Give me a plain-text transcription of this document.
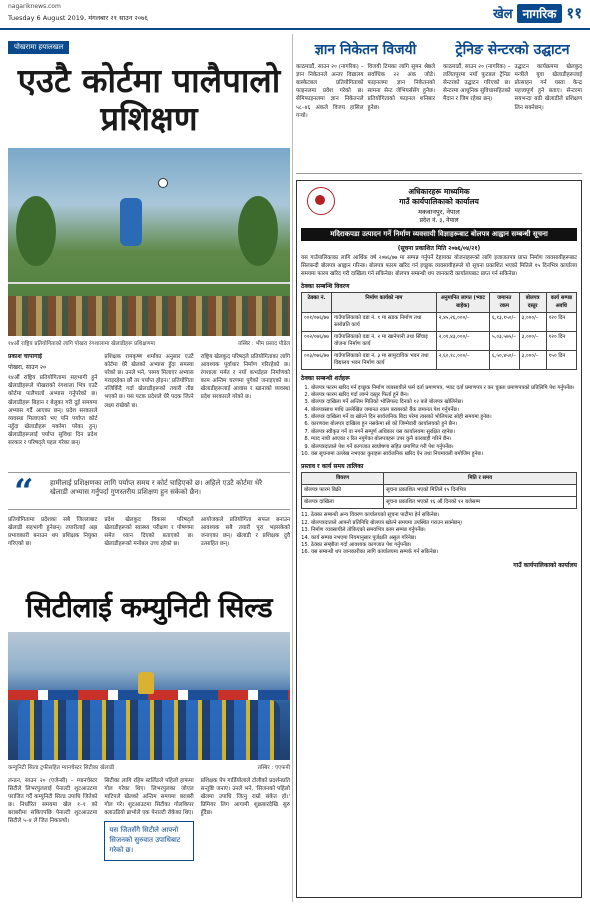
nagariknews.com
Tuesday 6 August 2019, मंगलबार २१ साउन २०७६	खेल नागरिक ११
पोखरामा हयालखल
एउटै कोर्टमा पालैपालो प्रशिक्षण
१४औं राष्ट्रिय प्रतियोगिताको लागि पोखरा रंगशालामा खेलाडीहरू प्रशिक्षणमा	तस्बिर : भीम प्रसाद पौडेल
प्रकाश चापागाई
पोखरा, साउन २०

१४औं राष्ट्रिय प्रतियोगितामा सहभागी हुने खेलाडीहरूले पोखराको रंगशाला भित्र एउटै कोर्टमा पालैपालो अभ्यास गर्नुपरेको छ। खेलाडीहरू बिहान र बेलुका गरी दुई समयमा अभ्यास गर्दै आएका छन्। प्रदेश सरकारले व्यवस्था मिलाएको भए पनि पर्याप्त कोर्ट नहुँदा खेलाडीहरू मर्कामा परेका हुन्। खेलाडीहरूलाई पर्याप्त सुविधा दिन प्रदेश सरकार र परिषद्ले पहल गरेका छन्।

प्रशिक्षक रामकृष्ण शर्माका अनुसार एउटै कोर्टमा धेरै खेलको अभ्यास हुँदा समस्या परेको छ। उनले भने, 'समय मिलाएर अभ्यास गराइरहेका छौं तर पर्याप्त होइन।' प्रतियोगिता नजिकिँदै गर्दा खेलाडीहरूको तयारी तीव्र भएको छ। यस पटक प्रदेशले धेरै पदक जित्ने लक्ष्य राखेको छ।

राष्ट्रिय खेलकुद परिषद्ले प्रतियोगिताका लागि आवश्यक पूर्वाधार निर्माण गरिरहेको छ। रंगशाला मर्मत र नयाँ कभर्डहल निर्माणको काम अन्तिम चरणमा पुगेको जनाइएको छ। खेलाडीहरूलाई आवास र खानाको व्यवस्था प्रदेश सरकारले गरेको छ।

“ हामीलाई प्रशिक्षणका लागि पर्याप्त समय र कोर्ट चाहिएको छ। अहिले एउटै कोर्टमा धेरै खेलाडी अभ्यास गर्नुपर्दा गुणस्तरीय प्रशिक्षण हुन सकेको छैन।
प्रतियोगितामा प्रदेशका सबै जिल्लाबाट खेलाडी सहभागी हुनेछन्। तयारीलाई अझ प्रभावकारी बनाउन थप प्रशिक्षक नियुक्त गरिएको छ।
प्रदेश खेलकुद विकास परिषद्ले खेलाडीहरूको स्वास्थ्य परीक्षण र पोषणमा समेत ध्यान दिएको बताएको छ। खेलाडीहरूको मनोबल उच्च रहेको छ।
आयोजकले प्रतियोगिता सफल बनाउन आवश्यक सबै तयारी पूरा भइसकेको जनाएका छन्। खेलाडी र प्रशिक्षक दुवै उत्साहित छन्।
सिटीलाई कम्युनिटी सिल्ड
कम्युनिटी सिल्ड ट्रफीसहित म्यानचेस्टर सिटीका खेलाडी	तस्बिर : एएफपी
लन्डन, साउन २० (एजेन्सी) – म्यानचेस्टर सिटीले लिभरपुललाई पेनाल्टी शुटआउटमा पराजित गर्दै कम्युनिटी सिल्ड उपाधि जितेको छ। निर्धारित समयमा खेल १–१ को बराबरीमा सकिएपछि पेनाल्टी शुटआउटमा सिटीले ५–४ ले जित निकाल्यो।
सिटीका लागि रहिम स्टर्लिङले पहिलो हाफमा गोल गरेका थिए। लिभरपुलका जोएल माटिपले खेलको अन्तिम समयमा बराबरी गोल गरे। शुटआउटमा सिटीका गोलकिपर क्लाउडियो ब्राभोले एक पेनाल्टी रोकेका थिए।
यस जितसँगै सिटीले आफ्नो सिजनको सुरुवात उपाधिबाट गरेको छ।
प्रशिक्षक पेप गार्डियोलाले टोलीको प्रदर्शनप्रति सन्तुष्टि जनाए। उनले भने, 'सिजनको पहिलो खेलमा उपाधि जित्नु राम्रो संकेत हो।' प्रिमियर लिग आगामी शुक्रबारदेखि सुरु हुँदैछ।
ज्ञान निकेतन विजयी
काठमाडौं, साउन २० (नागरिक) – ज्ञान निकेतनले अन्तर विद्यालय बास्केटबल प्रतियोगिताको फाइनलमा प्रवेश गरेको छ। सेमिफाइनलमा ज्ञान निकेतनले ५८–४६ अंकले विजय हासिल गर्‍यो।
विजयी टिमका लागि सुमन श्रेष्ठले सर्वाधिक २२ अंक जोडे। फाइनलमा ज्ञान निकेतनको सामना सेन्ट जेभियर्ससँग हुनेछ। प्रतियोगिताको फाइनल शनिबार हुनेछ।
ट्रेनिङ सेन्टरको उद्घाटन
काठमाडौं, साउन २० (नागरिक) – ललितपुरमा नयाँ फुटबल ट्रेनिङ सेन्टरको उद्घाटन गरिएको छ। सेन्टरमा आधुनिक सुविधासहितको मैदान र जिम रहेका छन्।
उद्घाटन कार्यक्रममा खेलकुद मन्त्रीले युवा खेलाडीहरूलाई प्रोत्साहन गर्न यस्ता केन्द्र महत्त्वपूर्ण हुने बताए। सेन्टरमा सयभन्दा बढी खेलाडीले प्रशिक्षण लिन सक्नेछन्।
अधिकारहरू माध्यमिक
गाउँ कार्यपालिकाको कार्यालय
मकवानपुर, नेपाल
प्रदेश नं. ३, नेपाल
मदिराकपडा उत्पादन गर्ने निर्माण व्यवसायी विज्ञाहरूबाट बोलपत्र आह्वान सम्बन्धी सूचना
(सूचना प्रकाशित मिति २०७६/०४/२१)
यस गाउँपालिकाका लागि आर्थिक वर्ष २०७६/७७ मा सम्पन्न गर्नुपर्ने देहायका योजनाहरूको लागि इजाजतपत्र प्राप्त निर्माण व्यवसायीहरूबाट सिलबन्दी बोलपत्र आह्वान गरिन्छ। बोलपत्र फारम खरिद गर्न इच्छुक व्यवसायीहरूले यो सूचना प्रकाशित भएको मितिले १५ दिनभित्र कार्यालय समयमा फारम खरिद गरी दाखिला गर्न सकिनेछ। बोलपत्र सम्बन्धी थप जानकारी कार्यालयबाट प्राप्त गर्न सकिनेछ।
ठेक्का सम्बन्धि विवरण
ठेक्का नं.	निर्माण कार्यको नाम	अनुमानित लागत (भ्याट बाहेक)	जमानत रकम	बोलपत्र दस्तुर	कार्य सम्पन्न अवधि
००१/०७६/७७	गाउँपालिकाको वडा नं. १ मा सडक निर्माण तथा स्तरोन्नति कार्य	२,४५,२६,०००/–	६,१३,१५०/–	३,०००/–	१२० दिन
००२/०७६/७७	गाउँपालिकाको वडा नं. २ मा खानेपानी तथा सिँचाइ योजना निर्माण कार्य	२,०१,४३,०००/–	५,०३,५७५/–	३,०००/–	१२० दिन
००३/०७६/७७	गाउँपालिकाको वडा नं. ३ मा सामुदायिक भवन तथा विद्यालय भवन निर्माण कार्य	२,६०,१८,०००/–	६,५०,४५०/–	३,०००/–	१५० दिन
ठेक्का सम्बन्धी शर्तहरू
1. बोलपत्र फारम खरिद गर्न इच्छुक निर्माण व्यवसायीले फर्म दर्ता प्रमाणपत्र, भ्याट दर्ता प्रमाणपत्र र कर चुक्ता प्रमाणपत्रको प्रतिलिपि पेश गर्नुपर्नेछ।
2. बोलपत्र फारम खरिद गर्दा लाग्ने दस्तुर फिर्ता हुने छैन।
3. बोलपत्र दाखिला गर्ने अन्तिम मितिको भोलिपल्ट दिनको १२ बजे बोलपत्र खोलिनेछ।
4. बोलपत्रसाथ माथि उल्लेखित जमानत रकम बराबरको बैंक जमानत पेश गर्नुपर्नेछ।
5. बोलपत्र दाखिला गर्ने वा खोल्ने दिन सार्वजनिक बिदा परेमा त्यसको भोलिपल्ट सोही समयमा हुनेछ।
6. कारणवश बोलपत्र दाखिला हुन नसकेमा सो को जिम्मेवारी कार्यालयको हुने छैन।
7. बोलपत्र स्वीकृत गर्ने वा नगर्ने सम्पूर्ण अधिकार यस कार्यालयमा सुरक्षित रहनेछ।
8. म्याद नाघी आएका र रित नपुगेका बोलपत्रहरू उपर कुनै कारबाही गरिने छैन।
9. बोलपत्रदाताले पेश गर्ने कागजात स्वघोषणा सहित प्रमाणित गरी पेश गर्नुपर्नेछ।
10. यस सूचनामा उल्लेख नभएका कुराहरू सार्वजनिक खरिद ऐन तथा नियमावली बमोजिम हुनेछ।
प्रस्ताव र कार्य समय तालिका
विवरण	मिति र समय
बोलपत्र फारम बिक्री	सूचना प्रकाशित भएको मितिले १५ दिनभित्र
बोलपत्र दाखिला	सूचना प्रकाशित भएको १६ औं दिनको १२ बजेसम्म
11. ठेक्का सम्बन्धी अन्य विवरण कार्यालयको सूचना पाटीमा हेर्न सकिनेछ।
12. बोलपत्रदाताले आफ्नो प्रतिनिधि बोलपत्र खोल्ने समयमा उपस्थित गराउन सक्नेछन्।
13. निर्माण व्यवसायीले तोकिएको समयभित्र काम सम्पन्न गर्नुपर्नेछ।
14. कार्य सम्पन्न नभएमा नियमानुसार पुर्जक्षति असुल गरिनेछ।
15. ठेक्का सम्झौता गर्दा आवश्यक कागजात पेश गर्नुपर्नेछ।
16. यस सम्बन्धी थप जानकारीका लागि कार्यालयमा सम्पर्क गर्न सकिनेछ।
गाउँ कार्यपालिकाको कार्यालय
